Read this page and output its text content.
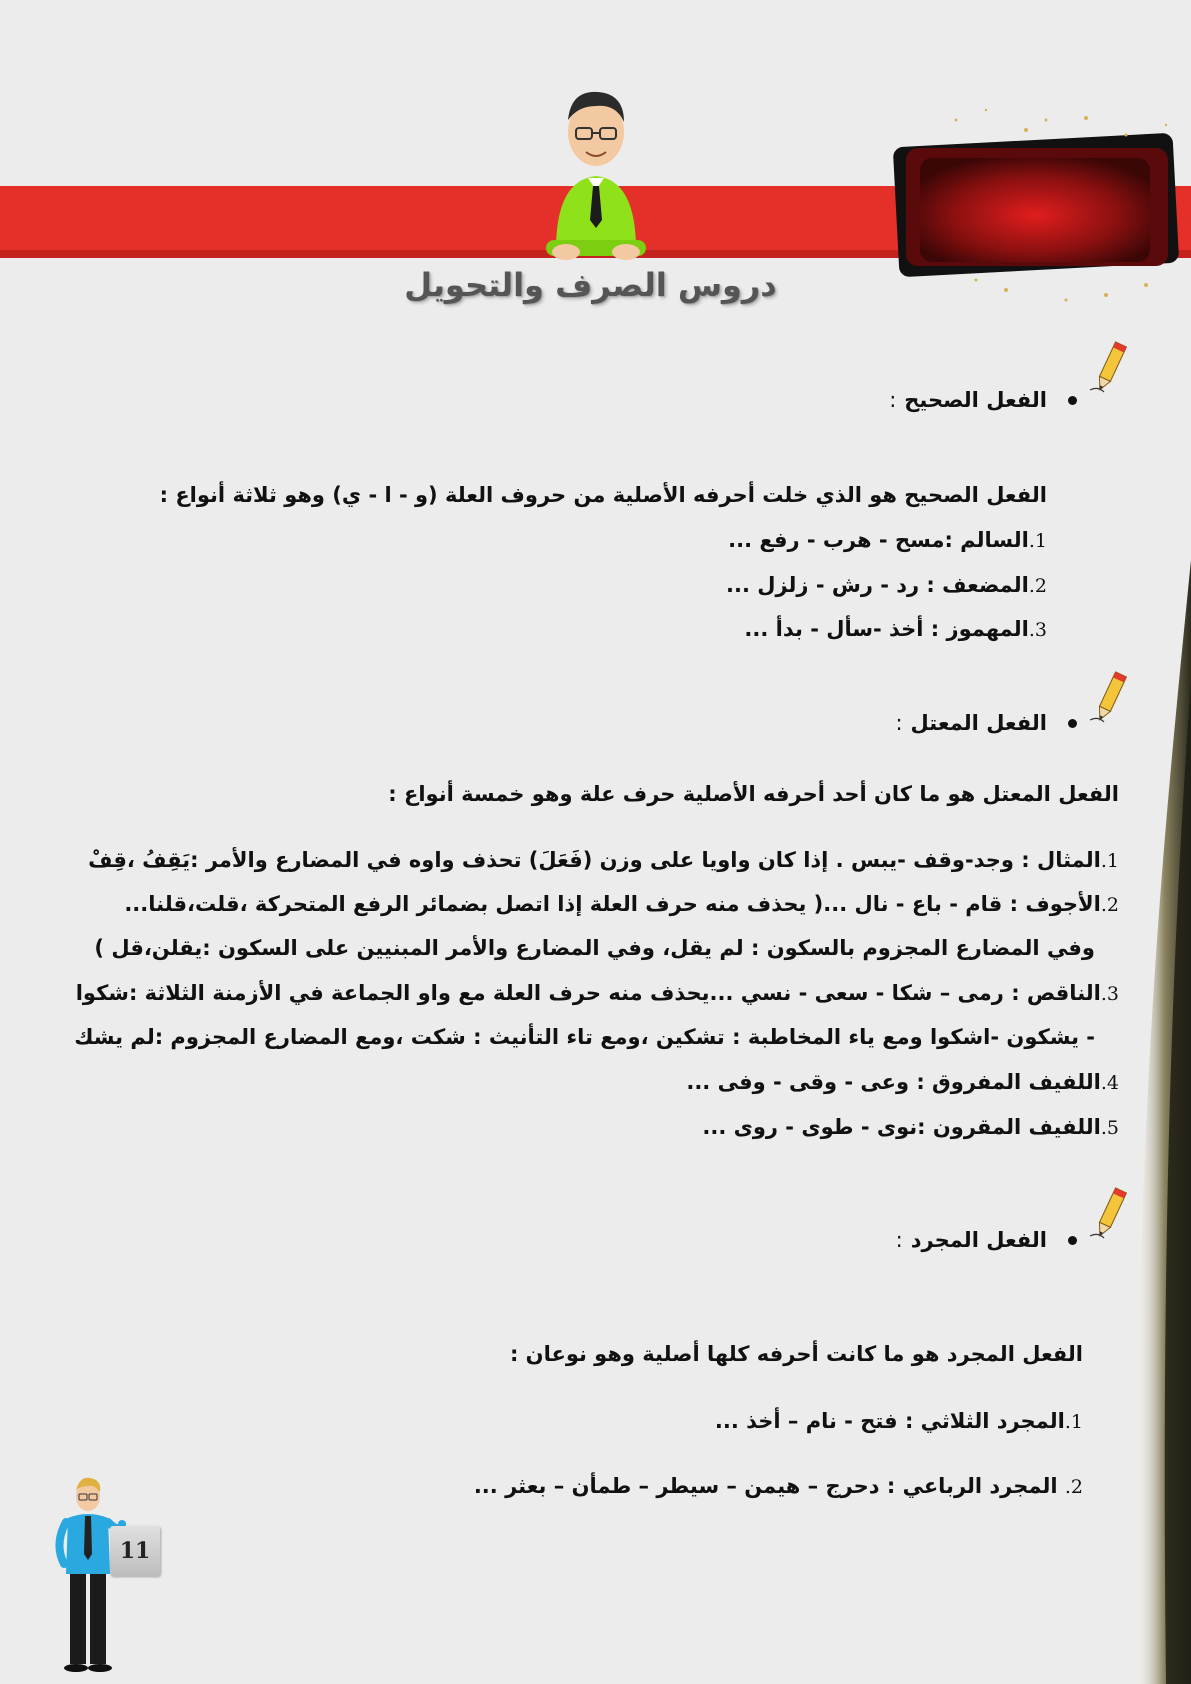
دروس الصرف والتحويل
الفعل الصحيح:
الفعل الصحيح هو الذي خلت أحرفه الأصلية من حروف العلة (و - ا - ي) وهو ثلاثة أنواع :
1.السالم :مسح - هرب - رفع ...
2.المضعف : رد - رش - زلزل ...
3.المهموز : أخذ -سأل - بدأ ...
الفعل المعتل:
الفعل المعتل هو ما كان أحد أحرفه الأصلية حرف علة وهو خمسة أنواع :
1.المثال : وجد-وقف -يبس . إذا كان واويا على وزن (فَعَلَ) تحذف واوه في المضارع والأمر :يَقِفُ ،قِفْ
2.الأجوف : قام - باع - نال ...( يحذف منه حرف العلة إذا اتصل بضمائر الرفع المتحركة ،قلت،قلنا...
وفي المضارع المجزوم بالسكون : لم يقل، وفي المضارع والأمر المبنيين على السكون :يقلن،قل )
3.الناقص : رمى – شكا - سعى - نسي ...يحذف منه حرف العلة مع واو الجماعة في الأزمنة الثلاثة :شكوا
- يشكون -اشكوا ومع ياء المخاطبة : تشكين ،ومع تاء التأنيث : شكت ،ومع المضارع المجزوم :لم يشك
4.اللفيف المفروق : وعى - وقى - وفى ...
5.اللفيف المقرون :نوى - طوى - روى ...
الفعل المجرد:
الفعل المجرد هو ما كانت أحرفه كلها أصلية وهو نوعان :
1.المجرد الثلاثي : فتح - نام – أخذ ...
2. المجرد الرباعي : دحرج – هيمن – سيطر – طمأن – بعثر ...
11
